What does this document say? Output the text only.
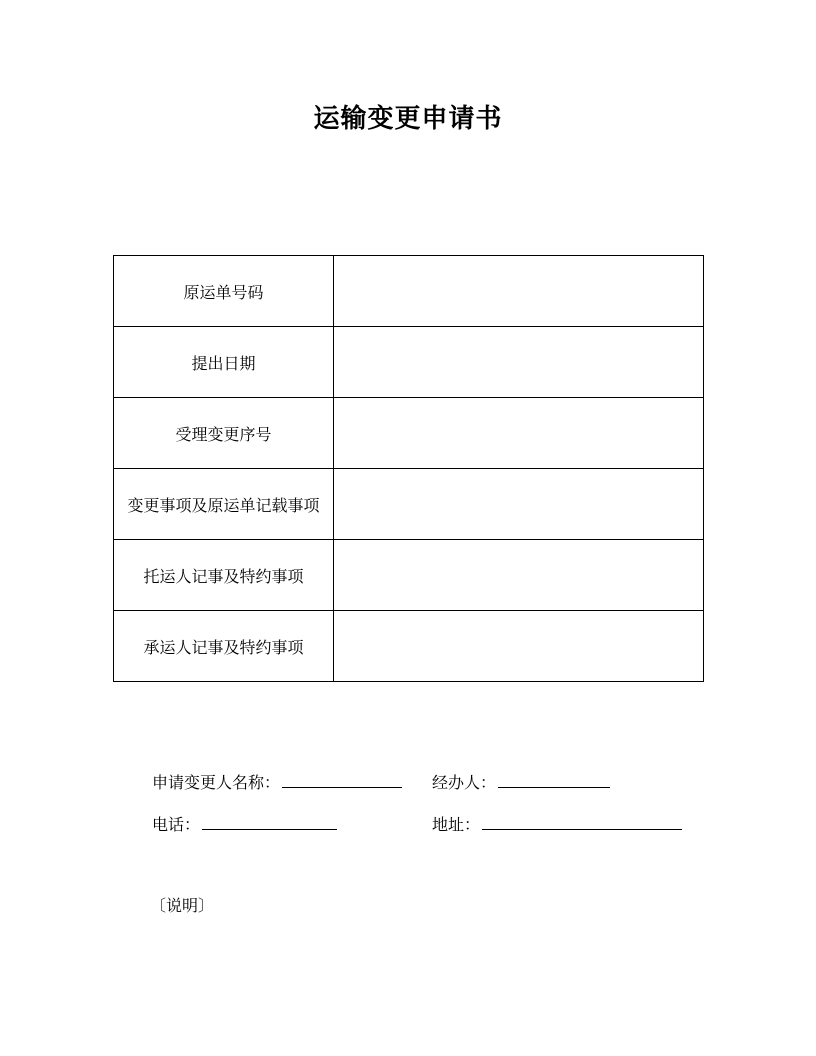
运输变更申请书
原运单号码	
提出日期	
受理变更序号	
变更事项及原运单记载事项	
托运人记事及特约事项	
承运人记事及特约事项	
申请变更人名称：	经办人：
电话：	地址：
〔说明〕
